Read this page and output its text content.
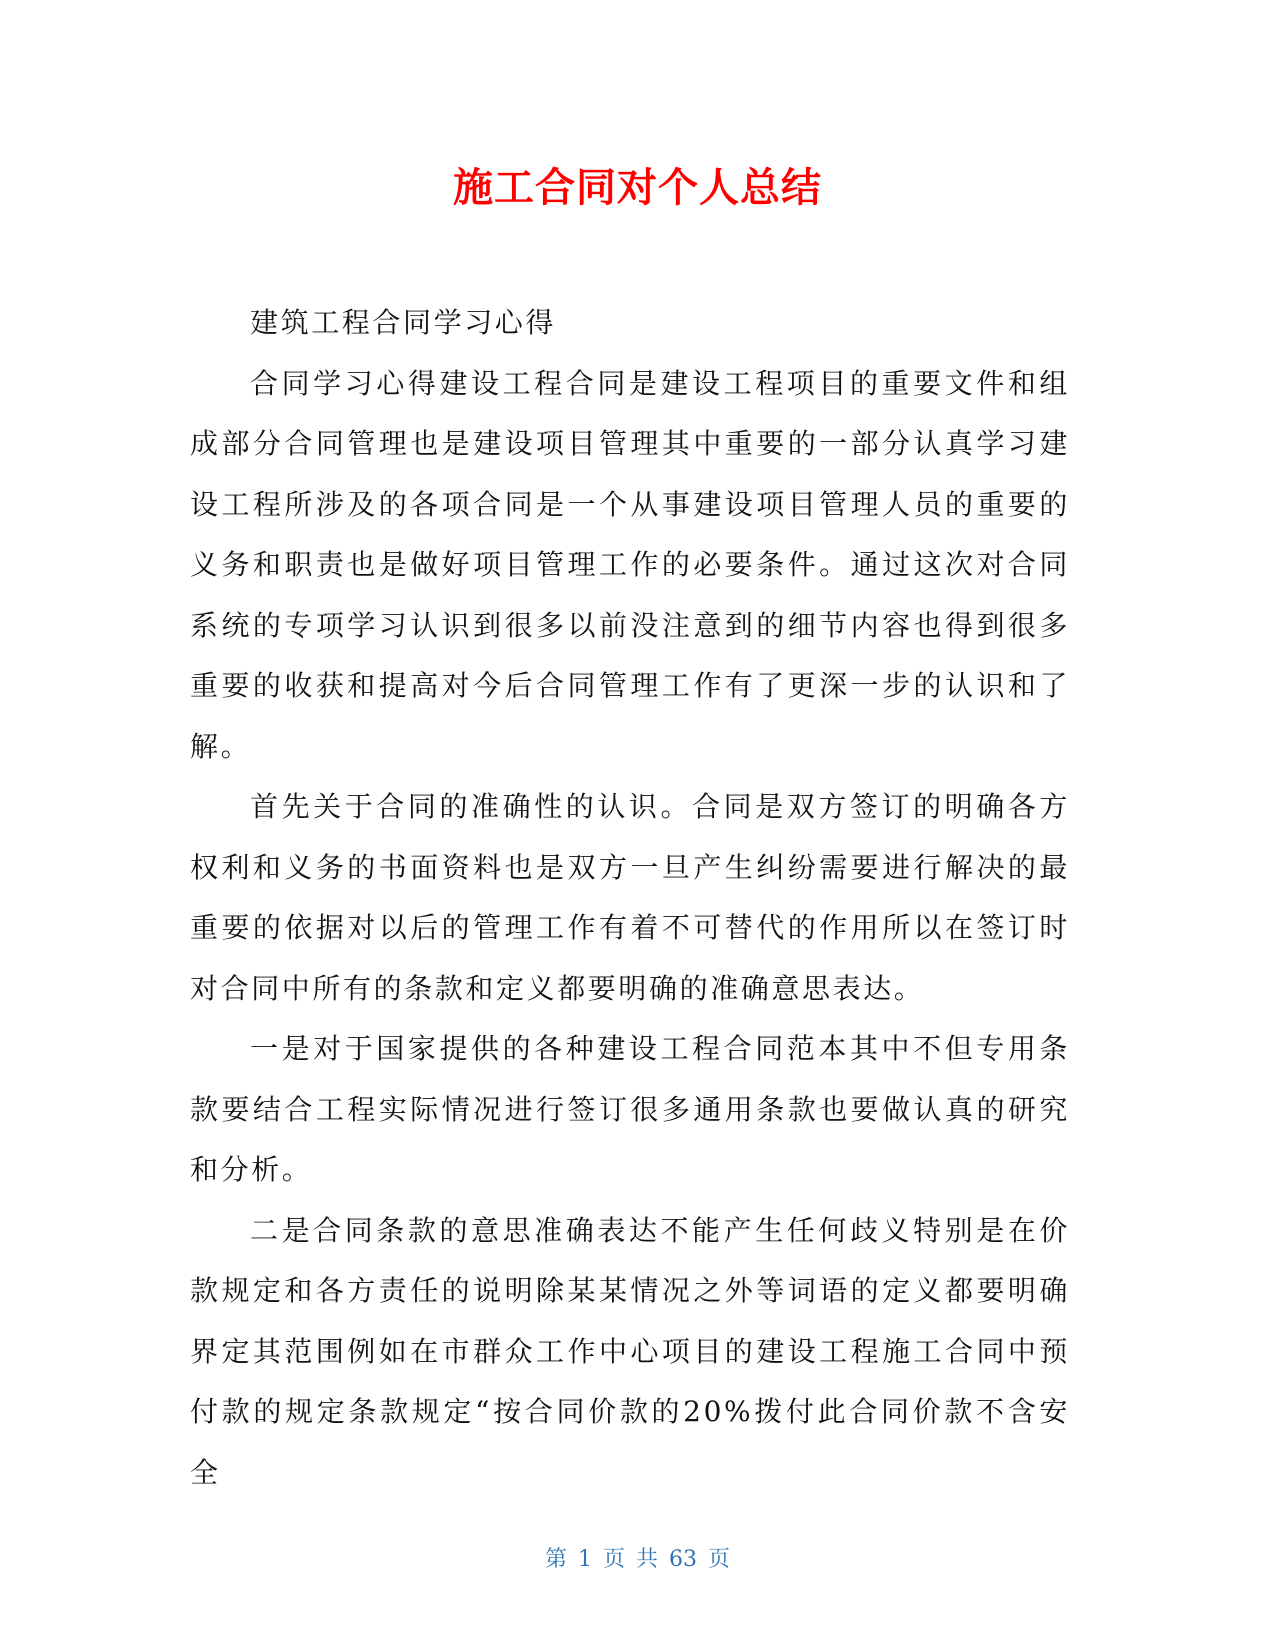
施工合同对个人总结

建筑工程合同学习心得

合同学习心得建设工程合同是建设工程项目的重要文件和组成部分合同管理也是建设项目管理其中重要的一部分认真学习建设工程所涉及的各项合同是一个从事建设项目管理人员的重要的义务和职责也是做好项目管理工作的必要条件。通过这次对合同系统的专项学习认识到很多以前没注意到的细节内容也得到很多重要的收获和提高对今后合同管理工作有了更深一步的认识和了解。

首先关于合同的准确性的认识。合同是双方签订的明确各方权利和义务的书面资料也是双方一旦产生纠纷需要进行解决的最重要的依据对以后的管理工作有着不可替代的作用所以在签订时对合同中所有的条款和定义都要明确的准确意思表达。

一是对于国家提供的各种建设工程合同范本其中不但专用条款要结合工程实际情况进行签订很多通用条款也要做认真的研究和分析。

二是合同条款的意思准确表达不能产生任何歧义特别是在价款规定和各方责任的说明除某某情况之外等词语的定义都要明确界定其范围例如在市群众工作中心项目的建设工程施工合同中预付款的规定条款规定“按合同价款的20%拨付此合同价款不含安全

第 1 页 共 63 页
